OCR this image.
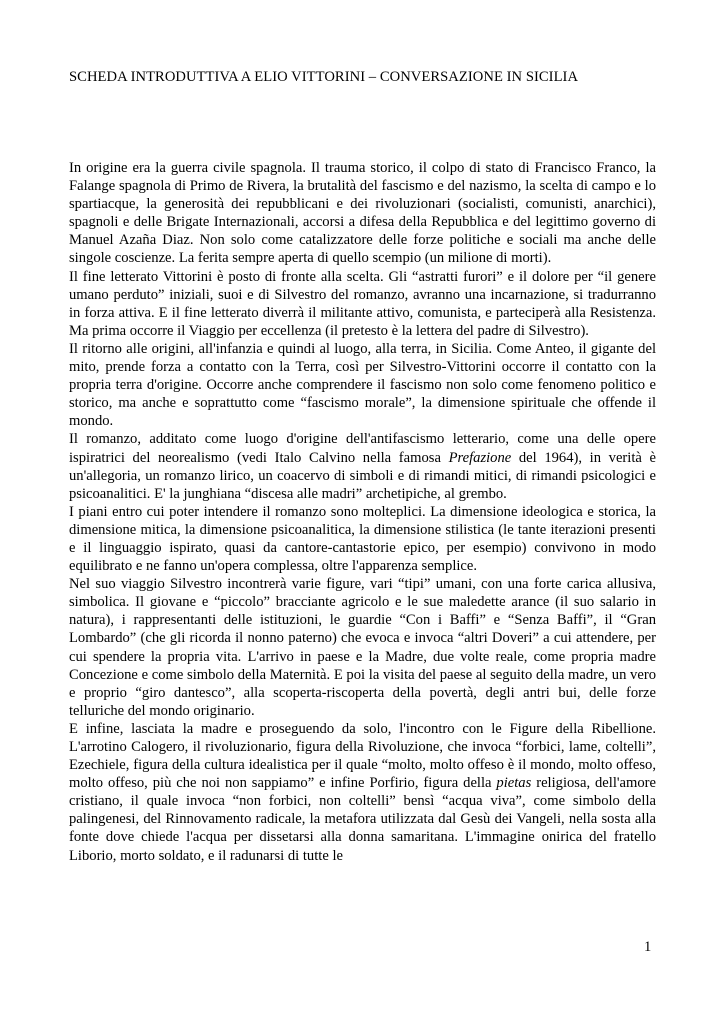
SCHEDA INTRODUTTIVA A ELIO VITTORINI – CONVERSAZIONE IN SICILIA

In origine era la guerra civile spagnola. Il trauma storico, il colpo di stato di Francisco Franco, la Falange spagnola di Primo de Rivera, la brutalità del fascismo e del nazismo, la scelta di campo e lo spartiacque, la generosità dei repubblicani e dei rivoluzionari (socialisti, comunisti, anarchici), spagnoli e delle Brigate Internazionali, accorsi a difesa della Repubblica e del legittimo governo di Manuel Azaña Diaz. Non solo come catalizzatore delle forze politiche e sociali ma anche delle singole coscienze. La ferita sempre aperta di quello scempio (un milione di morti).

Il fine letterato Vittorini è posto di fronte alla scelta. Gli “astratti furori” e il dolore per “il genere umano perduto” iniziali, suoi e di Silvestro del romanzo, avranno una incarnazione, si tradurranno in forza attiva. E il fine letterato diverrà il militante attivo, comunista, e parteciperà alla Resistenza. Ma prima occorre il Viaggio per eccellenza (il pretesto è la lettera del padre di Silvestro).

Il ritorno alle origini, all'infanzia e quindi al luogo, alla terra, in Sicilia. Come Anteo, il gigante del mito, prende forza a contatto con la Terra, così per Silvestro-Vittorini occorre il contatto con la propria terra d'origine. Occorre anche comprendere il fascismo non solo come fenomeno politico e storico, ma anche e soprattutto come “fascismo morale”, la dimensione spirituale che offende il mondo.

Il romanzo, additato come luogo d'origine dell'antifascismo letterario, come una delle opere ispiratrici del neorealismo (vedi Italo Calvino nella famosa Prefazione del 1964), in verità è un'allegoria, un romanzo lirico, un coacervo di simboli e di rimandi mitici, di rimandi psicologici e psicoanalitici. E' la junghiana “discesa alle madri” archetipiche, al grembo.

I piani entro cui poter intendere il romanzo sono molteplici. La dimensione ideologica e storica, la dimensione mitica, la dimensione psicoanalitica, la dimensione stilistica (le tante iterazioni presenti e il linguaggio ispirato, quasi da cantore-cantastorie epico, per esempio) convivono in modo equilibrato e ne fanno un'opera complessa, oltre l'apparenza semplice.

Nel suo viaggio Silvestro incontrerà varie figure, vari “tipi” umani, con una forte carica allusiva, simbolica. Il giovane e “piccolo” bracciante agricolo e le sue maledette arance (il suo salario in natura), i rappresentanti delle istituzioni, le guardie “Con i Baffi” e “Senza Baffi”, il “Gran Lombardo” (che gli ricorda il nonno paterno) che evoca e invoca “altri Doveri” a cui attendere, per cui spendere la propria vita. L'arrivo in paese e la Madre, due volte reale, come propria madre Concezione e come simbolo della Maternità. E poi la visita del paese al seguito della madre, un vero e proprio “giro dantesco”, alla scoperta-riscoperta della povertà, degli antri bui, delle forze telluriche del mondo originario.

E infine, lasciata la madre e proseguendo da solo, l'incontro con le Figure della Ribellione. L'arrotino Calogero, il rivoluzionario, figura della Rivoluzione, che invoca “forbici, lame, coltelli”, Ezechiele, figura della cultura idealistica per il quale “molto, molto offeso è il mondo, molto offeso, molto offeso, più che noi non sappiamo” e infine Porfirio, figura della pietas religiosa, dell'amore cristiano, il quale invoca “non forbici, non coltelli” bensì “acqua viva”, come simbolo della palingenesi, del Rinnovamento radicale, la metafora utilizzata dal Gesù dei Vangeli, nella sosta alla fonte dove chiede l'acqua per dissetarsi alla donna samaritana. L'immagine onirica del fratello Liborio, morto soldato, e il radunarsi di tutte le

1
